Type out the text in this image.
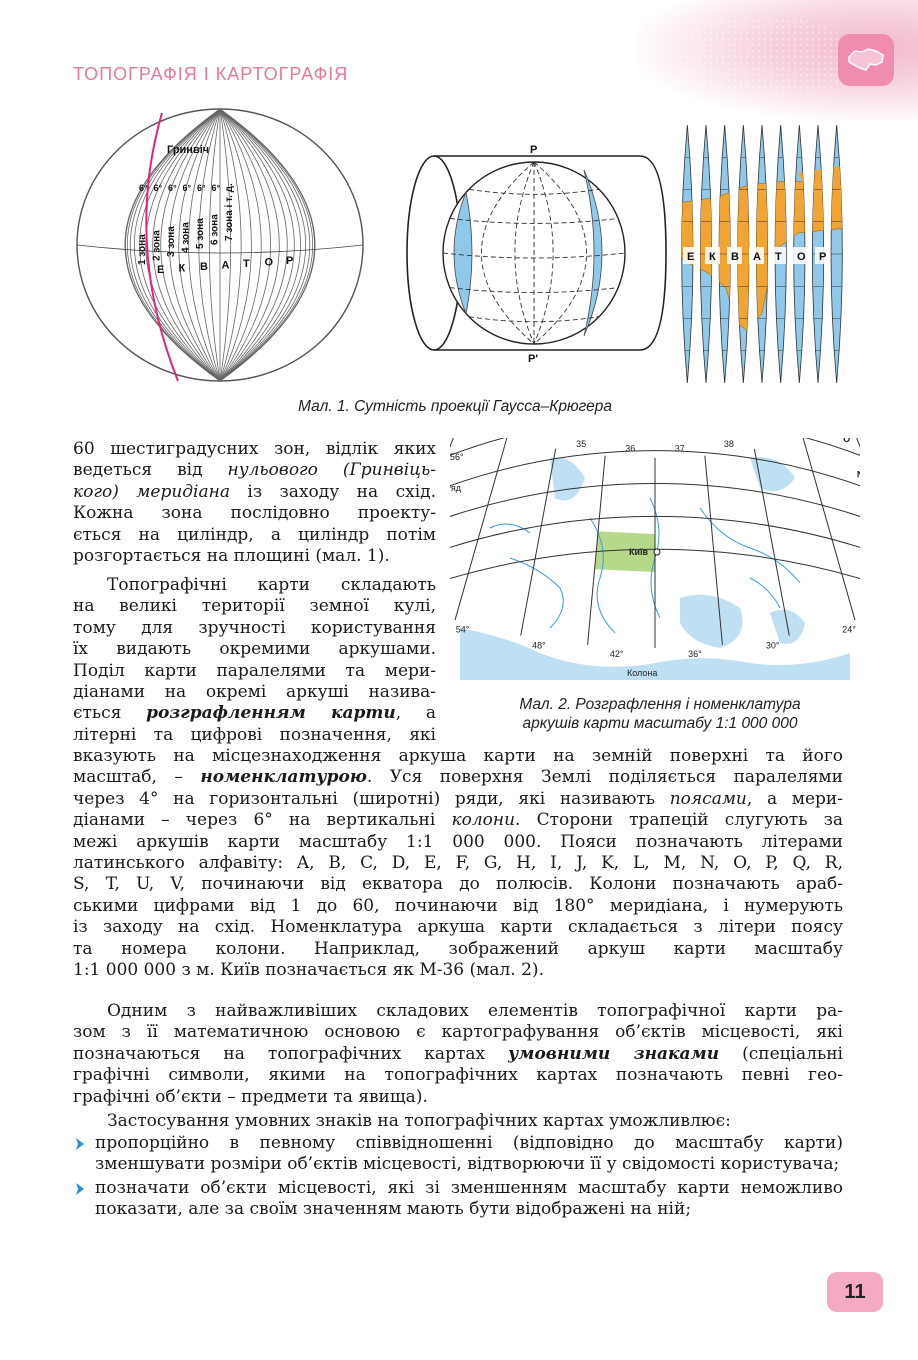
ТОПОГРАФІЯ І КАРТОГРАФІЯ
Гринвіч
6° 6° 6° 6° 6° 6°
1 зона 2 зона 3 зона 4 зона 5 зона 6 зона 7 зона і т. д.
Е К В А Т О Р
P
P′
Е К В А Т О Р
Мал. 1. Сутність проекції Гаусса–Крюгера
35	36	37	38	O
56°
24°
30°
36°
42°
48°
54°
Київ
Колона
яд
Мал. 2. Розграфлення і номенклатура
аркушів карти масштабу 1:1 000 000
60 шестиградусних зон, відлік яких
ведеться від нульового (Гринвіць-
кого) меридіана із заходу на схід.
Кожна зона послідовно проекту-
ється на циліндр, а циліндр потім
розгортається на площині (мал. 1).
Топографічні карти складають
на великі території земної кулі,
тому для зручності користування
їх видають окремими аркушами.
Поділ карти паралелями та мери-
діанами на окремі аркуші назива-
ється розграфленням карти, а
літерні та цифрові позначення, які
вказують на місцезнаходження аркуша карти на земній поверхні та його
масштаб, – номенклатурою. Уся поверхня Землі поділяється паралелями
через 4° на горизонтальні (широтні) ряди, які називають поясами, а мери-
діанами – через 6° на вертикальні колони. Сторони трапецій слугують за
межі аркушів карти масштабу 1:1 000 000. Пояси позначають літерами
латинського алфавіту: A, B, C, D, E, F, G, H, I, J, K, L, M, N, O, P, Q, R,
S, T, U, V, починаючи від екватора до полюсів. Колони позначають араб-
ськими цифрами від 1 до 60, починаючи від 180° меридіана, і нумерують
із заходу на схід. Номенклатура аркуша карти складається з літери поясу
та номера колони. Наприклад, зображений аркуш карти масштабу
1:1 000 000 з м. Київ позначається як M-36 (мал. 2).
Одним з найважливіших складових елементів топографічної карти ра-
зом з її математичною основою є картографування об’єктів місцевості, які
позначаються на топографічних картах умовними знаками (спеціальні
графічні символи, якими на топографічних картах позначають певні гео-
графічні об’єкти – предмети та явища).
Застосування умовних знаків на топографічних картах уможливлює:
пропорційно в певному співвідношенні (відповідно до масштабу карти) зменшувати розміри об’єктів місцевості, відтворюючи її у свідомості користувача;
позначати об’єкти місцевості, які зі зменшенням масштабу карти неможливо показати, але за своїм значенням мають бути відображені на ній;
11
